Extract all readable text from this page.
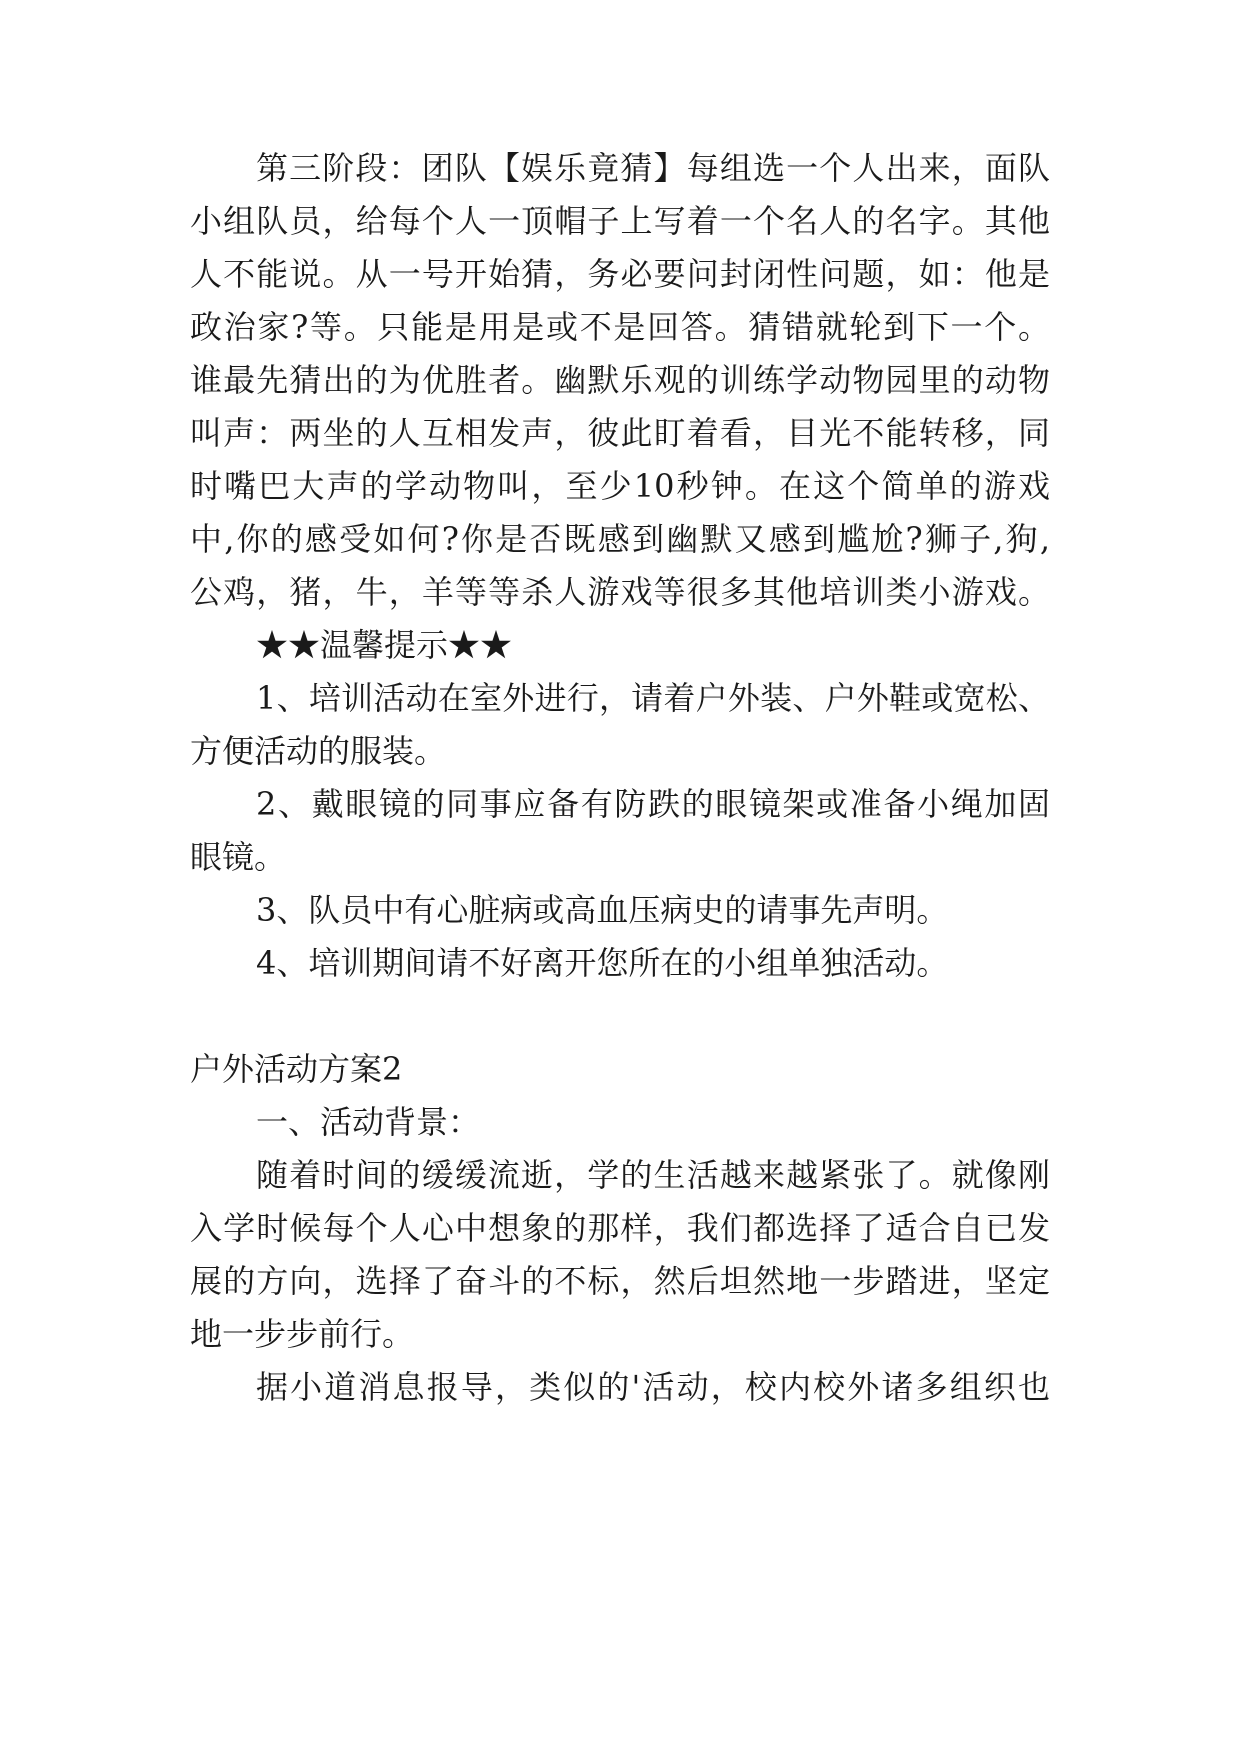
第三阶段：团队【娱乐竟猜】每组选一个人出来，面队
小组队员，给每个人一顶帽子上写着一个名人的名字。其他
人不能说。从一号开始猜，务必要问封闭性问题，如：他是
政治家?等。只能是用是或不是回答。猜错就轮到下一个。
谁最先猜出的为优胜者。幽默乐观的训练学动物园里的动物
叫声：两坐的人互相发声，彼此盯着看，目光不能转移，同
时嘴巴大声的学动物叫，至少10秒钟。在这个简单的游戏
中,你的感受如何?你是否既感到幽默又感到尴尬?狮子,狗,
公鸡，猪，牛，羊等等杀人游戏等很多其他培训类小游戏。
★★温馨提示★★
1、培训活动在室外进行，请着户外装、户外鞋或宽松、
方便活动的服装。
2、戴眼镜的同事应备有防跌的眼镜架或准备小绳加固
眼镜。
3、队员中有心脏病或高血压病史的请事先声明。
4、培训期间请不好离开您所在的小组单独活动。
户外活动方案2
一、活动背景：
随着时间的缓缓流逝，学的生活越来越紧张了。就像刚
入学时候每个人心中想象的那样，我们都选择了适合自已发
展的方向，选择了奋斗的不标，然后坦然地一步踏进，坚定
地一步步前行。
据小道消息报导，类似的'活动，校内校外诸多组织也
